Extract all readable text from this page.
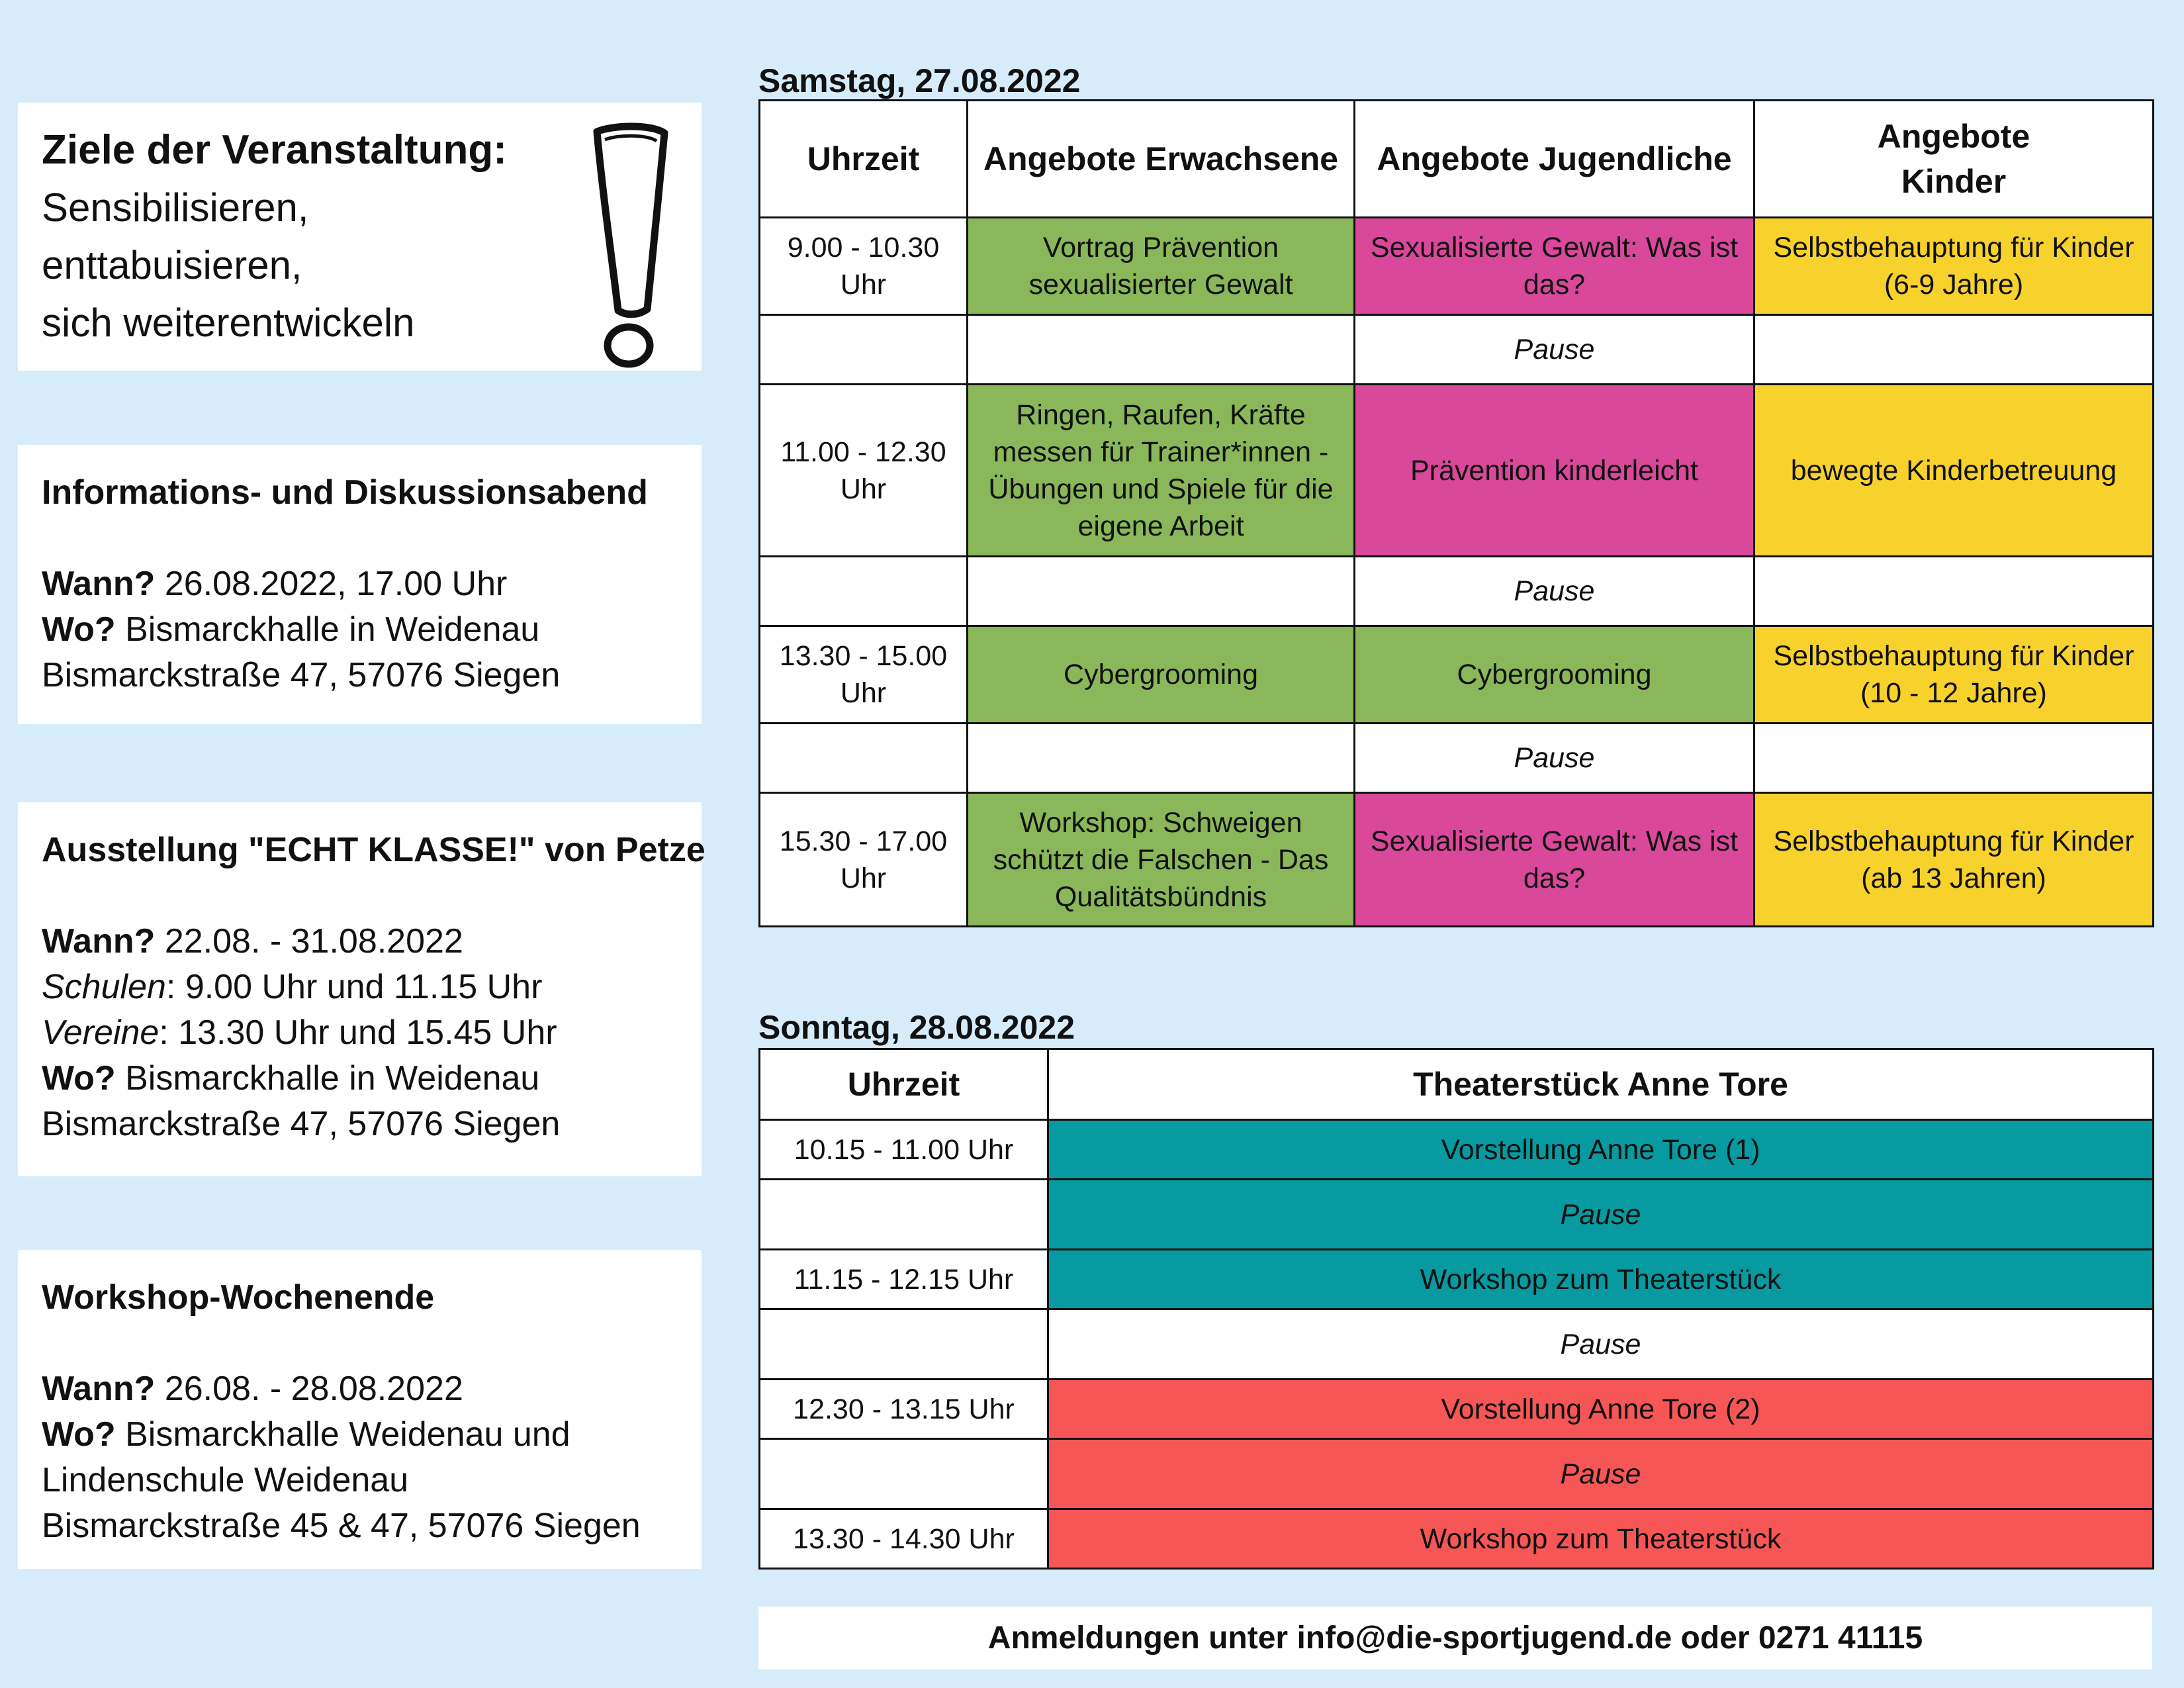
Ziele der Veranstaltung:
Sensibilisieren,
enttabuisieren,
sich weiterentwickeln
Informations- und Diskussionsabend
Wann? 26.08.2022, 17.00 Uhr
Wo? Bismarckhalle in Weidenau
Bismarckstraße 47, 57076 Siegen
Ausstellung "ECHT KLASSE!" von Petze
Wann? 22.08. - 31.08.2022
Schulen: 9.00 Uhr und 11.15 Uhr
Vereine: 13.30 Uhr und 15.45 Uhr
Wo? Bismarckhalle in Weidenau
Bismarckstraße 47, 57076 Siegen
Workshop-Wochenende
Wann? 26.08. - 28.08.2022
Wo? Bismarckhalle Weidenau und
Lindenschule Weidenau
Bismarckstraße 45 & 47, 57076 Siegen
Samstag, 27.08.2022
Uhrzeit	Angebote Erwachsene	Angebote Jugendliche	Angebote
Kinder
9.00 - 10.30
Uhr	Vortrag Prävention sexualisierter Gewalt	Sexualisierte Gewalt: Was ist das?	Selbstbehauptung für Kinder (6-9 Jahre)
		Pause	
11.00 - 12.30
Uhr	Ringen, Raufen, Kräfte messen für Trainer*innen - Übungen und Spiele für die eigene Arbeit	Prävention kinderleicht	bewegte Kinderbetreuung
		Pause	
13.30 - 15.00
Uhr	Cybergrooming	Cybergrooming	Selbstbehauptung für Kinder (10 - 12 Jahre)
		Pause	
15.30 - 17.00
Uhr	Workshop: Schweigen schützt die Falschen - Das Qualitätsbündnis	Sexualisierte Gewalt: Was ist das?	Selbstbehauptung für Kinder (ab 13 Jahren)
Sonntag, 28.08.2022
Uhrzeit	Theaterstück Anne Tore
10.15 - 11.00 Uhr	Vorstellung Anne Tore (1)
	Pause
11.15 - 12.15 Uhr	Workshop zum Theaterstück
	Pause
12.30 - 13.15 Uhr	Vorstellung Anne Tore (2)
	Pause
13.30 - 14.30 Uhr	Workshop zum Theaterstück
Anmeldungen unter info@die-sportjugend.de oder 0271 41115
